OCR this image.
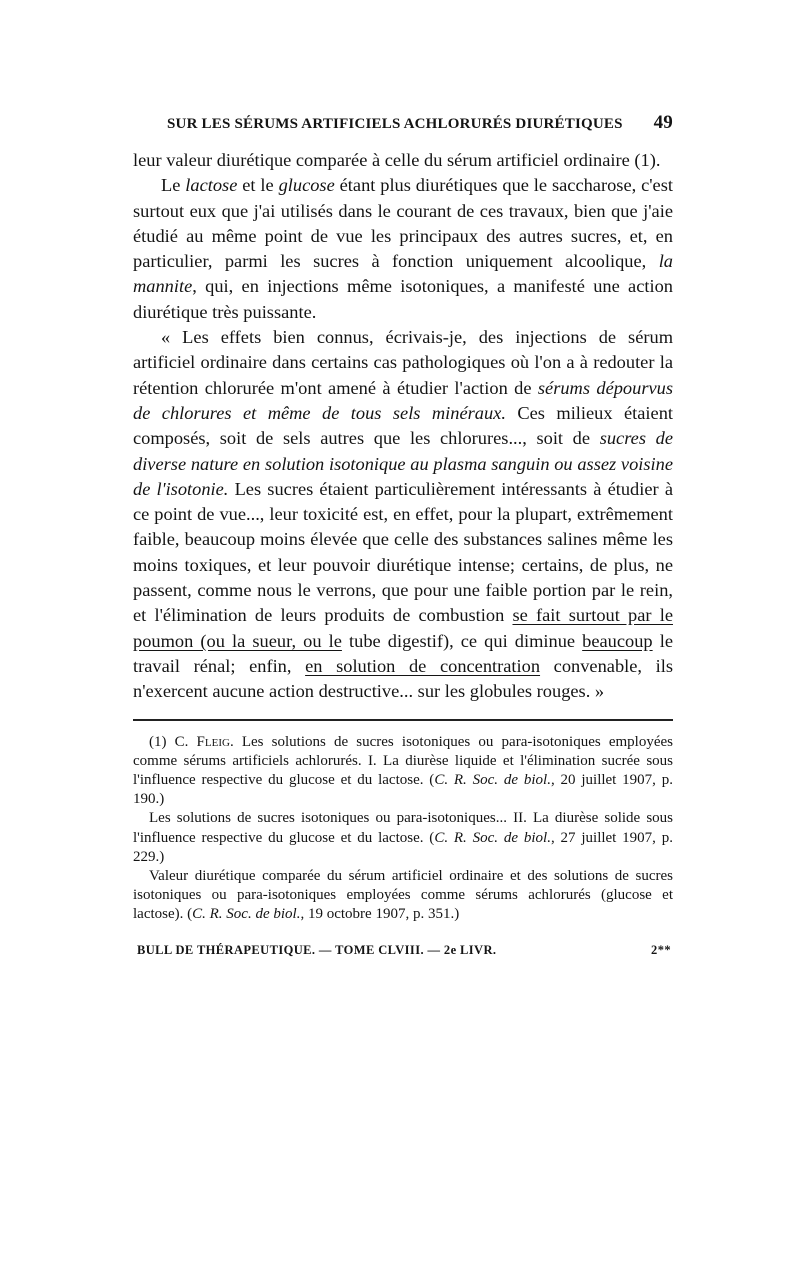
SUR LES SÉRUMS ARTIFICIELS ACHLORURÉS DIURÉTIQUES 49

leur valeur diurétique comparée à celle du sérum artificiel ordinaire (1).

Le lactose et le glucose étant plus diurétiques que le saccharose, c'est surtout eux que j'ai utilisés dans le courant de ces travaux, bien que j'aie étudié au même point de vue les principaux des autres sucres, et, en particulier, parmi les sucres à fonction uniquement alcoolique, la mannite, qui, en injections même isotoniques, a manifesté une action diurétique très puissante.

« Les effets bien connus, écrivais-je, des injections de sérum artificiel ordinaire dans certains cas pathologiques où l'on a à redouter la rétention chlorurée m'ont amené à étudier l'action de sérums dépourvus de chlorures et même de tous sels minéraux. Ces milieux étaient composés, soit de sels autres que les chlorures..., soit de sucres de diverse nature en solution isotonique au plasma sanguin ou assez voisine de l'isotonie. Les sucres étaient particulièrement intéressants à étudier à ce point de vue..., leur toxicité est, en effet, pour la plupart, extrêmement faible, beaucoup moins élevée que celle des substances salines même les moins toxiques, et leur pouvoir diurétique intense; certains, de plus, ne passent, comme nous le verrons, que pour une faible portion par le rein, et l'élimination de leurs produits de combustion se fait surtout par le poumon (ou la sueur, ou le tube digestif), ce qui diminue beaucoup le travail rénal; enfin, en solution de concentration convenable, ils n'exercent aucune action destructive... sur les globules rouges. »

(1) C. Fleig. Les solutions de sucres isotoniques ou para-isotoniques employées comme sérums artificiels achlorurés. I. La diurèse liquide et l'élimination sucrée sous l'influence respective du glucose et du lactose. (C. R. Soc. de biol., 20 juillet 1907, p. 190.)

Les solutions de sucres isotoniques ou para-isotoniques... II. La diurèse solide sous l'influence respective du glucose et du lactose. (C. R. Soc. de biol., 27 juillet 1907, p. 229.)

Valeur diurétique comparée du sérum artificiel ordinaire et des solutions de sucres isotoniques ou para-isotoniques employées comme sérums achlorurés (glucose et lactose). (C. R. Soc. de biol., 19 octobre 1907, p. 351.)

BULL DE THÉRAPEUTIQUE. — TOME CLVIII. — 2e LIVR.	2**
